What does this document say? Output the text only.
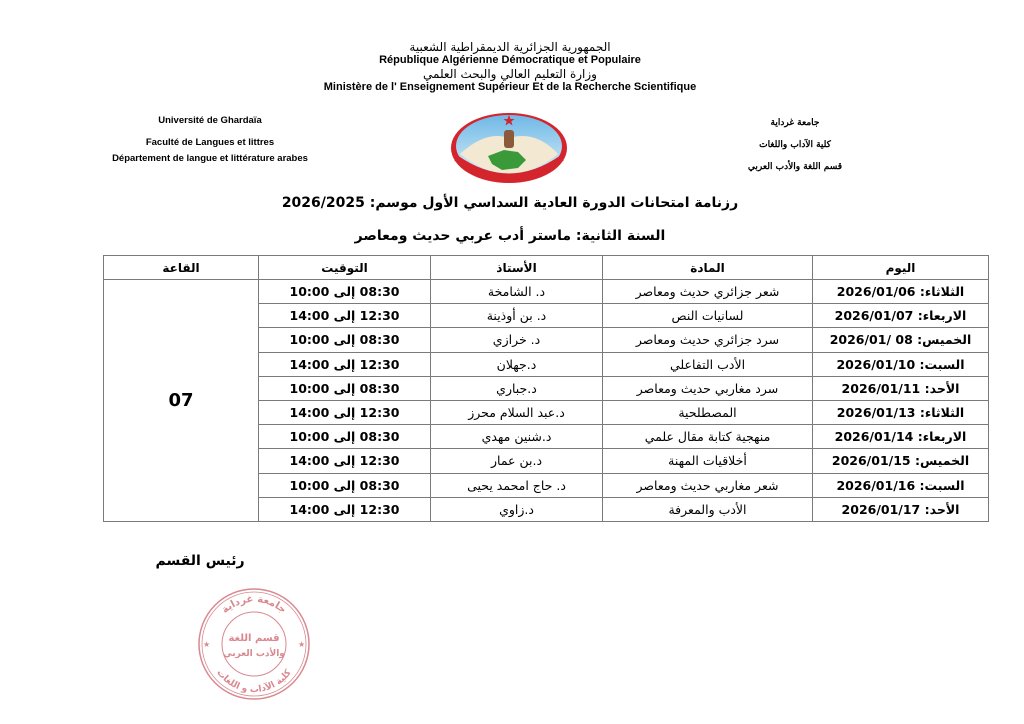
الجمهورية الجزائرية الديمقراطية الشعبية
République Algérienne Démocratique et Populaire
وزارة التعليم العالي والبحث العلمي
Ministère de l' Enseignement Supérieur Et de la Recherche Scientifique
Université de Ghardaïa
Faculté de Langues et littres
Département de langue et littérature arabes
جامعة غرداية
كلية الآداب واللغات
قسم اللغة والأدب العربي
رزنامة امتحانات الدورة العادية السداسي الأول موسم: 2026/2025
السنة الثانية: ماستر أدب عربي حديث ومعاصر
اليوم	المادة	الأستاذ	التوقيت	القاعة
الثلاثاء: 2026/01/06	شعر جزائري حديث ومعاصر	د. الشامخة	08:30 إلى 10:00	07
الاربعاء: 2026/01/07	لسانيات النص	د. بن أوذينة	12:30 إلى 14:00	
الخميس: 08 /2026/01	سرد جزائري حديث ومعاصر	د. خرازي	08:30 إلى 10:00	
السبت: 2026/01/10	الأدب التفاعلي	د.جهلان	12:30 إلى 14:00	
الأحد: 2026/01/11	سرد مغاربي حديث ومعاصر	د.جباري	08:30 إلى 10:00	
الثلاثاء: 2026/01/13	المصطلحية	د.عبد السلام محرز	12:30 إلى 14:00	
الاربعاء: 2026/01/14	منهجية كتابة مقال علمي	د.شنين مهدي	08:30 إلى 10:00	
الخميس: 2026/01/15	أخلاقيات المهنة	د.بن عمار	12:30 إلى 14:00	
السبت: 2026/01/16	شعر مغاربي حديث ومعاصر	د. حاج امحمد يحيى	08:30 إلى 10:00	
الأحد: 2026/01/17	الأدب والمعرفة	د.زاوي	12:30 إلى 14:00	
رئيس القسم
جامعة غرداية
كلية الآداب و اللغات
قسم اللغة
والأدب العربي
★	★
